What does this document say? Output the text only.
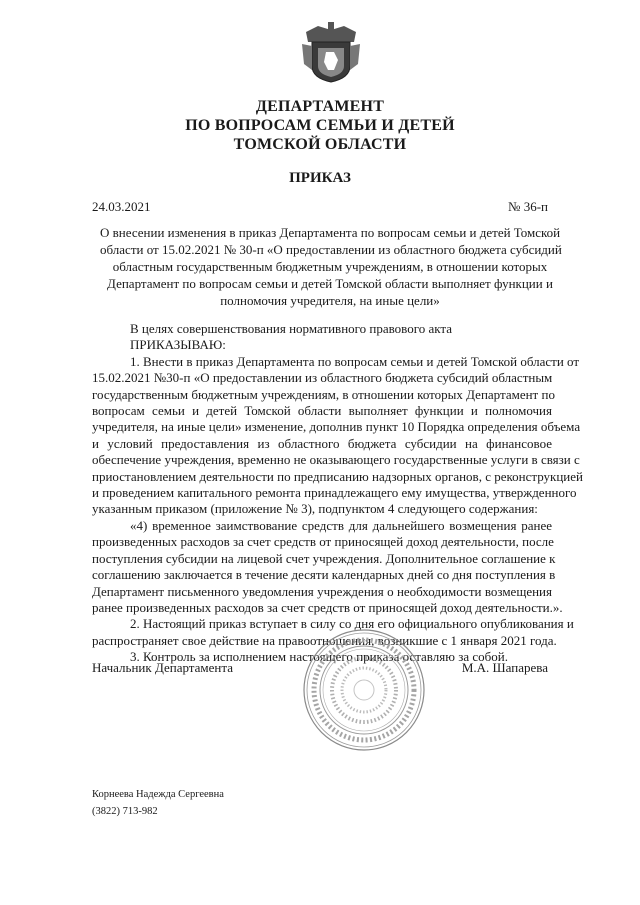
ДЕПАРТАМЕНТ
ПО ВОПРОСАМ СЕМЬИ И ДЕТЕЙ
ТОМСКОЙ ОБЛАСТИ
ПРИКАЗ
24.03.2021	№ 36-п
О внесении изменения в приказ Департамента по вопросам семьи и детей Томской
области от 15.02.2021 № 30-п «О предоставлении из областного бюджета субсидий
областным государственным бюджетным учреждениям, в отношении которых
Департамент по вопросам семьи и детей Томской области выполняет функции и
полномочия учредителя, на иные цели»
В целях совершенствования нормативного правового акта
ПРИКАЗЫВАЮ:
1. Внести в приказ Департамента по вопросам семьи и детей Томской области от
15.02.2021 №30-п «О предоставлении из областного бюджета субсидий областным
государственным бюджетным учреждениям, в отношении которых Департамент по
вопросам семьи и детей Томской области выполняет функции и полномочия
учредителя, на иные цели» изменение, дополнив пункт 10 Порядка определения объема
и условий предоставления из областного бюджета субсидии на финансовое
обеспечение учреждения, временно не оказывающего государственные услуги в связи с
приостановлением деятельности по предписанию надзорных органов, с реконструкцией
и проведением капитального ремонта принадлежащего ему имущества, утвержденного
указанным приказом (приложение № 3), подпунктом 4 следующего содержания:
«4) временное заимствование средств для дальнейшего возмещения ранее
произведенных расходов за счет средств от приносящей доход деятельности, после
поступления субсидии на лицевой счет учреждения. Дополнительное соглашение к
соглашению заключается в течение десяти календарных дней со дня поступления в
Департамент письменного уведомления учреждения о необходимости возмещения
ранее произведенных расходов за счет средств от приносящей доход деятельности.».
2. Настоящий приказ вступает в силу со дня его официального опубликования и
распространяет свое действие на правоотношения, возникшие с 1 января 2021 года.
3. Контроль за исполнением настоящего приказа оставляю за собой.
Начальник Департамента	М.А. Шапарева
Корнеева Надежда Сергеевна
(3822) 713-982
